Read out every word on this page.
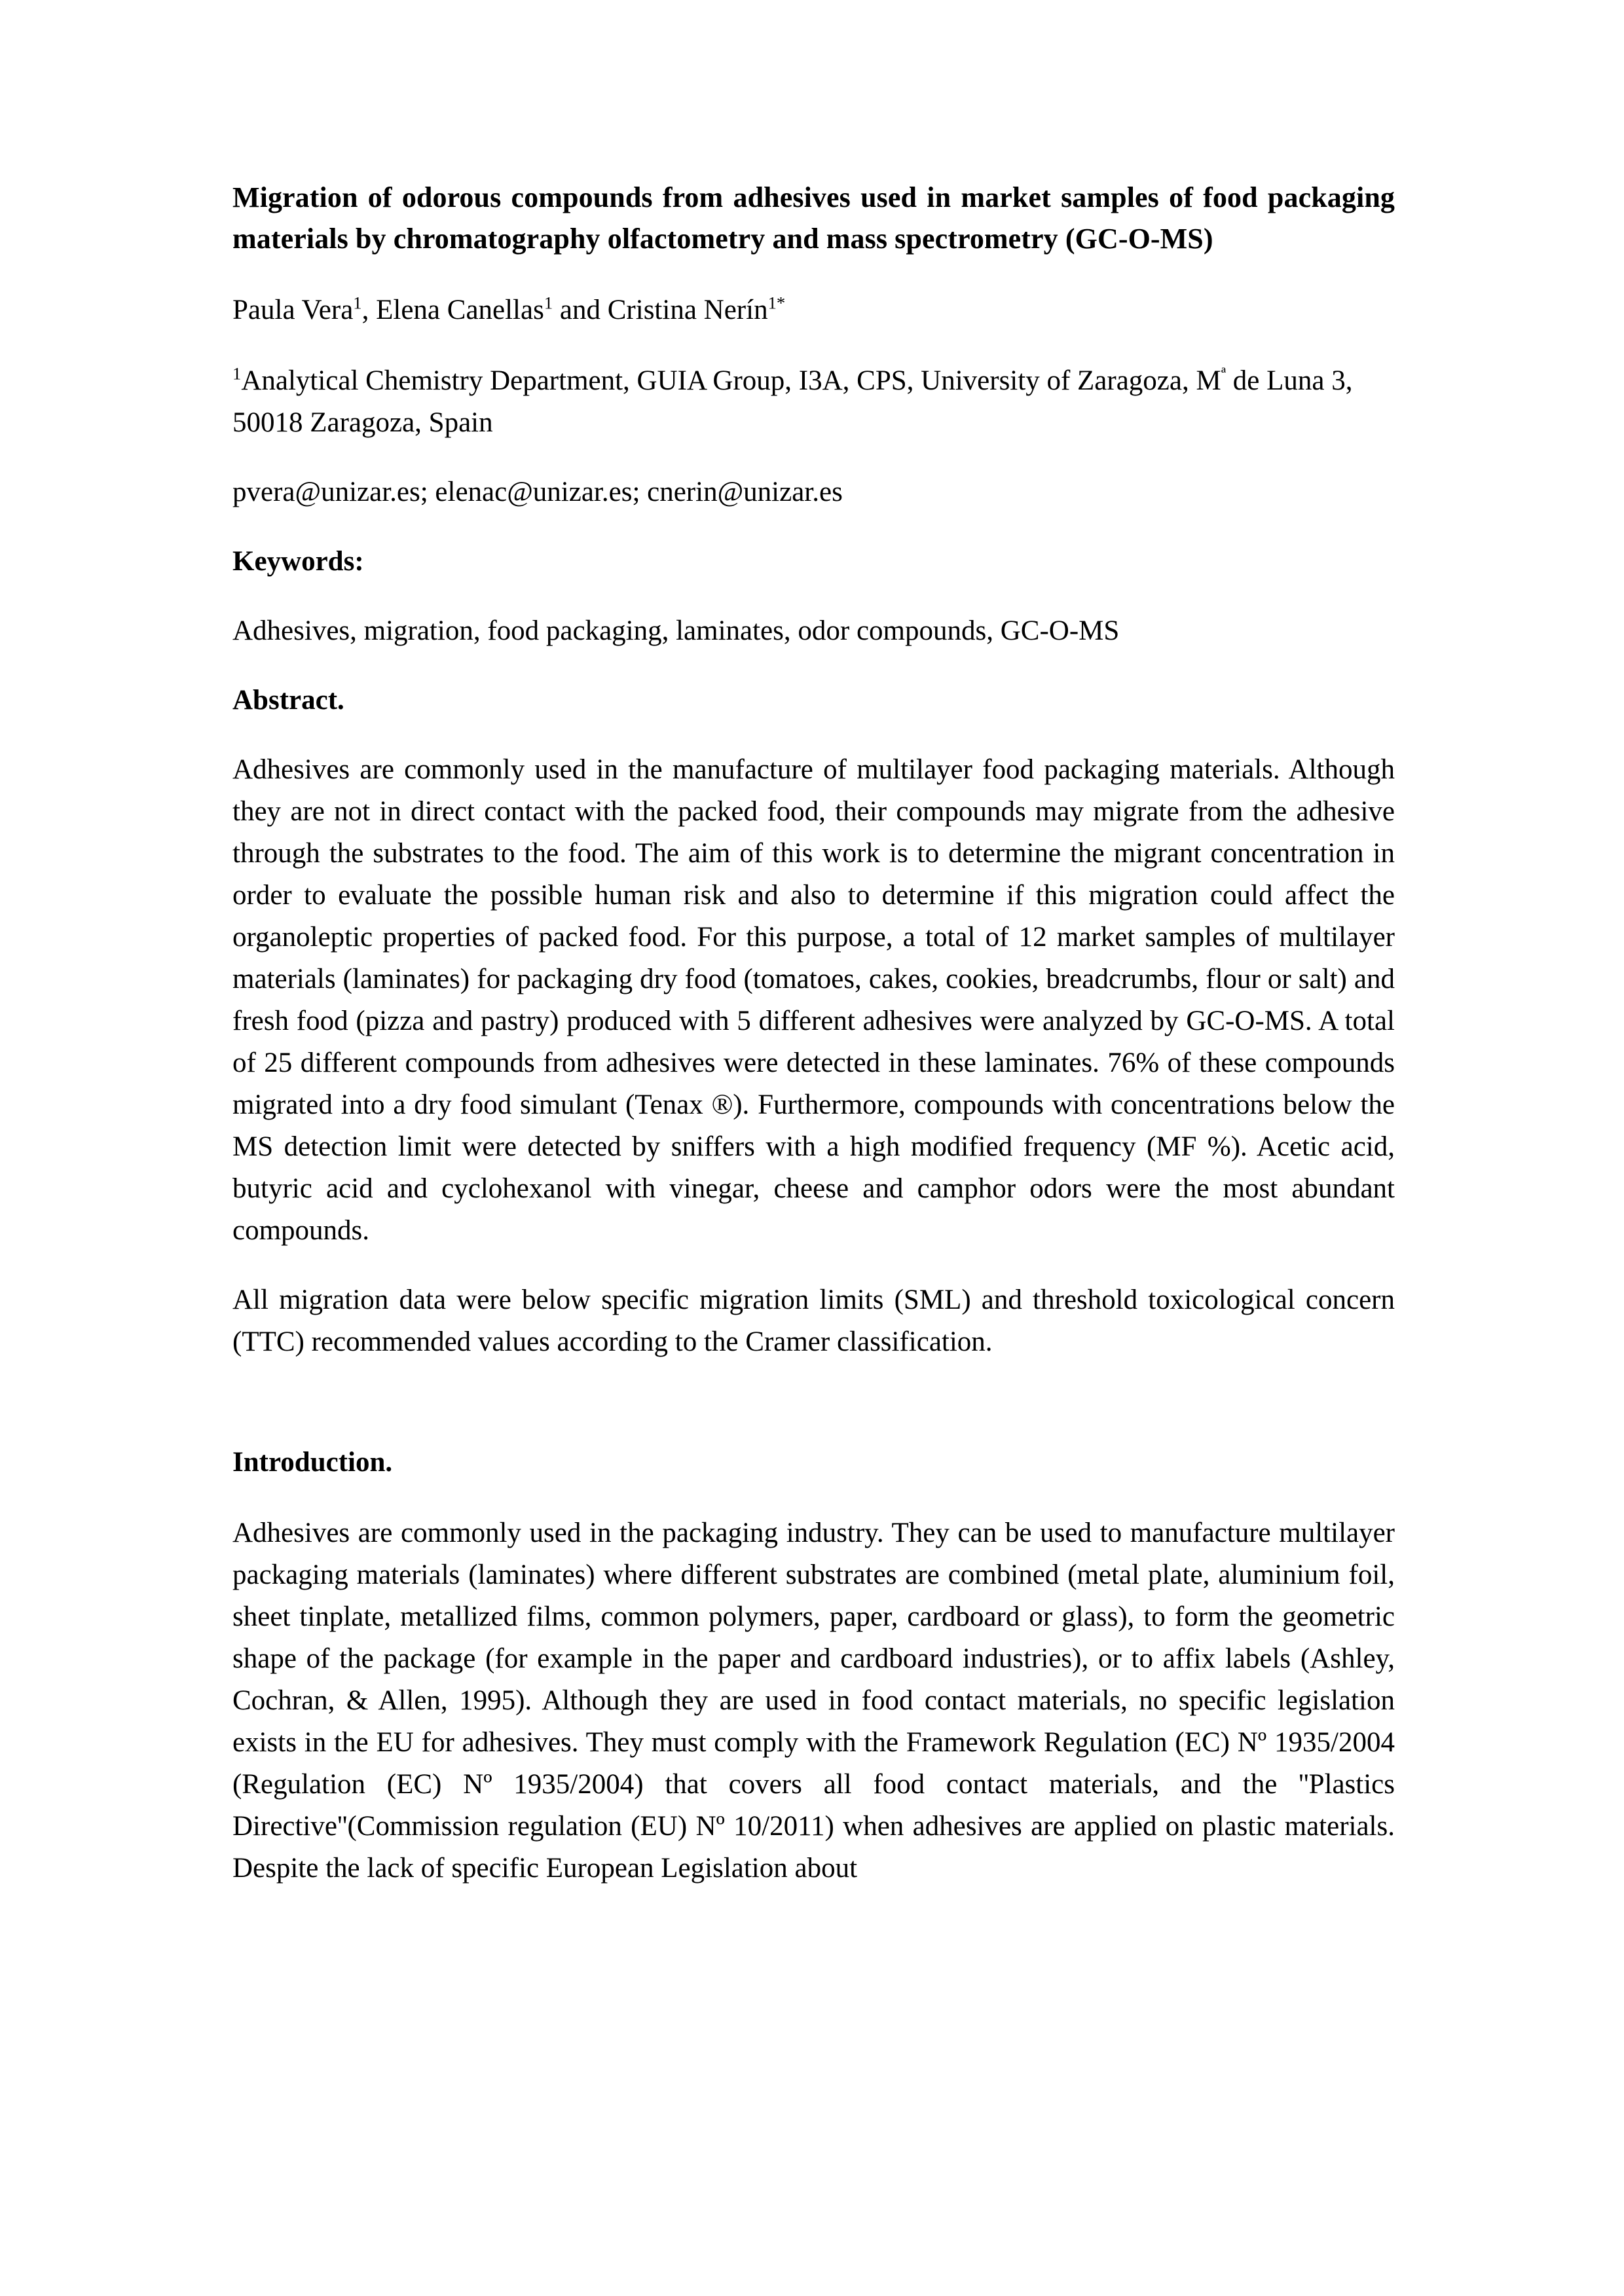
Migration of odorous compounds from adhesives used in market samples of food packaging materials by chromatography olfactometry and mass spectrometry (GC-O-MS)

Paula Vera$^1$, Elena Canellas$^1$ and Cristina Nerín$^{1*}$

$^1$Analytical Chemistry Department, GUIA Group, I3A, CPS, University of Zaragoza, $M^ª$ de Luna 3, 50018 Zaragoza, Spain

pvera@unizar.es; elenac@unizar.es; cnerin@unizar.es

Keywords:

Adhesives, migration, food packaging, laminates, odor compounds, GC-O-MS

Abstract.

Adhesives are commonly used in the manufacture of multilayer food packaging materials. Although they are not in direct contact with the packed food, their compounds may migrate from the adhesive through the substrates to the food. The aim of this work is to determine the migrant concentration in order to evaluate the possible human risk and also to determine if this migration could affect the organoleptic properties of packed food. For this purpose, a total of 12 market samples of multilayer materials (laminates) for packaging dry food (tomatoes, cakes, cookies, breadcrumbs, flour or salt) and fresh food (pizza and pastry) produced with 5 different adhesives were analyzed by GC-O-MS. A total of 25 different compounds from adhesives were detected in these laminates. 76% of these compounds migrated into a dry food simulant (Tenax ®). Furthermore, compounds with concentrations below the MS detection limit were detected by sniffers with a high modified frequency (MF %). Acetic acid, butyric acid and cyclohexanol with vinegar, cheese and camphor odors were the most abundant compounds.

All migration data were below specific migration limits (SML) and threshold toxicological concern (TTC) recommended values according to the Cramer classification.

Introduction.

Adhesives are commonly used in the packaging industry. They can be used to manufacture multilayer packaging materials (laminates) where different substrates are combined (metal plate, aluminium foil, sheet tinplate, metallized films, common polymers, paper, cardboard or glass), to form the geometric shape of the package (for example in the paper and cardboard industries), or to affix labels (Ashley, Cochran, & Allen, 1995). Although they are used in food contact materials, no specific legislation exists in the EU for adhesives. They must comply with the Framework Regulation (EC) Nº 1935/2004 (Regulation (EC) Nº 1935/2004) that covers all food contact materials, and the ''Plastics Directive''(Commission regulation (EU) Nº 10/2011) when adhesives are applied on plastic materials. Despite the lack of specific European Legislation about
